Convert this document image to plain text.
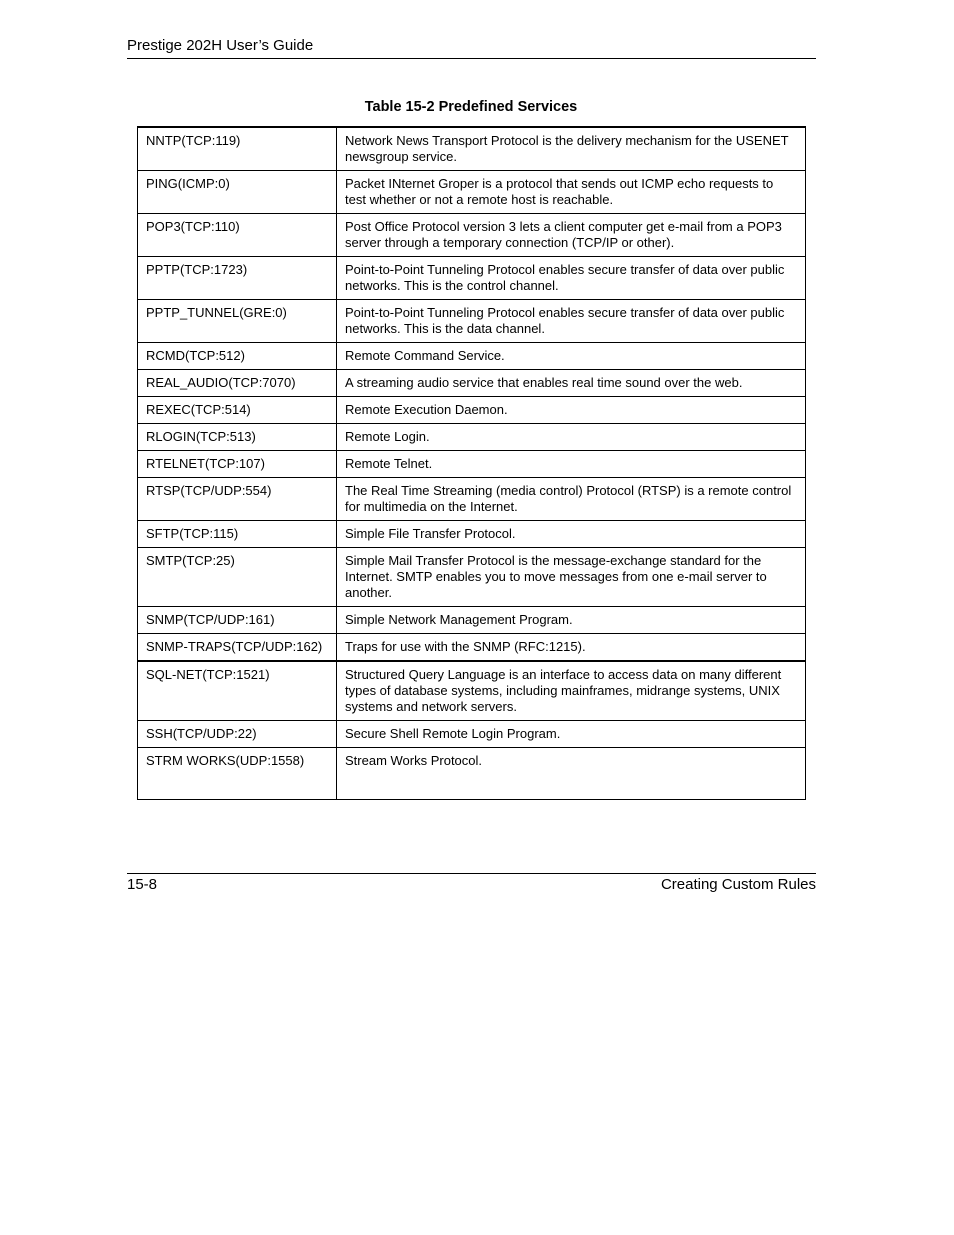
Prestige 202H User’s Guide
Table 15-2 Predefined Services
NNTP(TCP:119)	Network News Transport Protocol is the delivery mechanism for the USENET newsgroup service.
PING(ICMP:0)	Packet INternet Groper is a protocol that sends out ICMP echo requests to test whether or not a remote host is reachable.
POP3(TCP:110)	Post Office Protocol version 3 lets a client computer get e-mail from a POP3 server through a temporary connection (TCP/IP or other).
PPTP(TCP:1723)	Point-to-Point Tunneling Protocol enables secure transfer of data over public networks. This is the control channel.
PPTP_TUNNEL(GRE:0)	Point-to-Point Tunneling Protocol enables secure transfer of data over public networks. This is the data channel.
RCMD(TCP:512)	Remote Command Service.
REAL_AUDIO(TCP:7070)	A streaming audio service that enables real time sound over the web.
REXEC(TCP:514)	Remote Execution Daemon.
RLOGIN(TCP:513)	Remote Login.
RTELNET(TCP:107)	Remote Telnet.
RTSP(TCP/UDP:554)	The Real Time Streaming (media control) Protocol (RTSP) is a remote control for multimedia on the Internet.
SFTP(TCP:115)	Simple File Transfer Protocol.
SMTP(TCP:25)	Simple Mail Transfer Protocol is the message-exchange standard for the Internet. SMTP enables you to move messages from one e-mail server to another.
SNMP(TCP/UDP:161)	Simple Network Management Program.
SNMP-TRAPS(TCP/UDP:162)	Traps for use with the SNMP (RFC:1215).
SQL-NET(TCP:1521)	Structured Query Language is an interface to access data on many different types of database systems, including mainframes, midrange systems, UNIX systems and network servers.
SSH(TCP/UDP:22)	Secure Shell Remote Login Program.
STRM WORKS(UDP:1558)	Stream Works Protocol.
15-8	Creating Custom Rules
